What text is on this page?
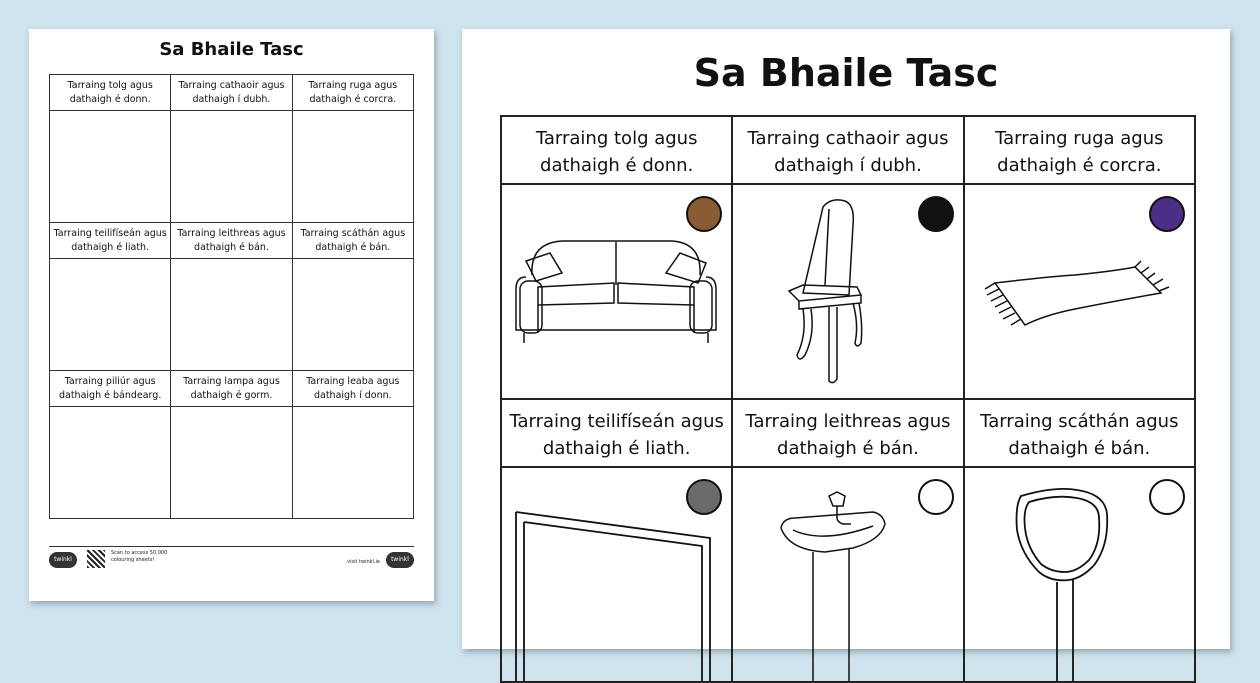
Sa Bhaile Tasc
Tarraing tolg agus dathaigh é donn.
Tarraing cathaoir agus dathaigh í dubh.
Tarraing ruga agus dathaigh é corcra.
Tarraing teilifíseán agus dathaigh é liath.
Tarraing leithreas agus dathaigh é bán.
Tarraing scáthán agus dathaigh é bán.
Tarraing piliúr agus dathaigh é bándearg.
Tarraing lampa agus dathaigh é gorm.
Tarraing leaba agus dathaigh í donn.
twinkl
Scan to access 50,000 colouring sheets!	visit twinkl.ie	twinkl
Sa Bhaile Tasc
Tarraing tolg agus dathaigh é donn.
Tarraing cathaoir agus dathaigh í dubh.
Tarraing ruga agus dathaigh é corcra.
Tarraing teilifíseán agus dathaigh é liath.
Tarraing leithreas agus dathaigh é bán.
Tarraing scáthán agus dathaigh é bán.
